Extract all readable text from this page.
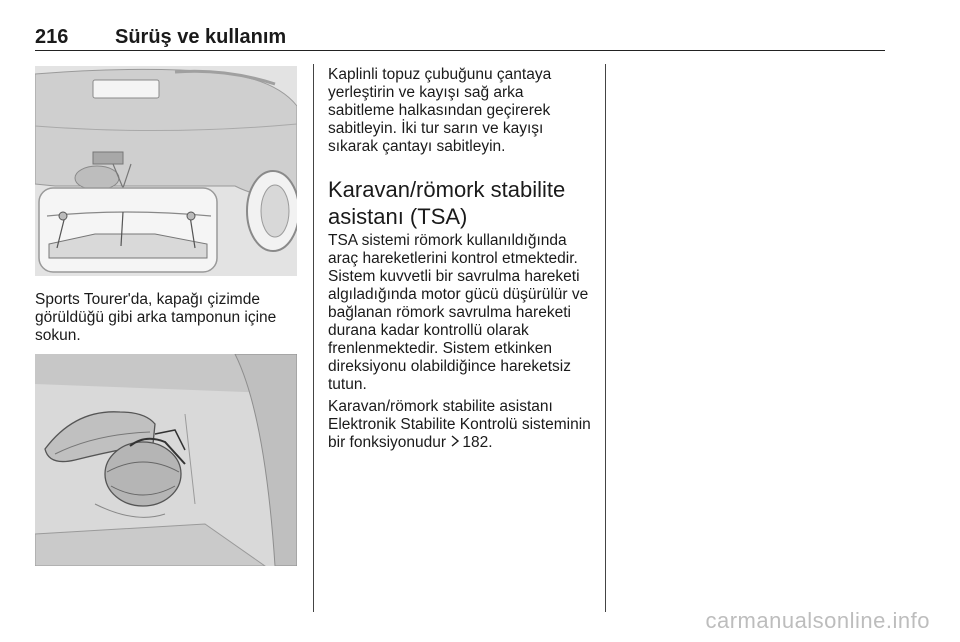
216 Sürüş ve kullanım

Sports Tourer'da, kapağı çizimde görüldüğü gibi arka tamponun içine sokun.

Kaplinli topuz çubuğunu çantaya yerleştirin ve kayışı sağ arka sabitleme halkasından geçirerek sabitleyin. İki tur sarın ve kayışı sıkarak çantayı sabitleyin.

Karavan/römork stabilite asistanı (TSA)

TSA sistemi römork kullanıldığında araç hareketlerini kontrol etmektedir. Sistem kuvvetli bir savrulma hareketi algıladığında motor gücü düşürülür ve bağlanan römork savrulma hareketi durana kadar kontrollü olarak frenlenmektedir. Sistem etkinken direksiyonu olabildiğince hareketsiz tutun.

Karavan/römork stabilite asistanı Elektronik Stabilite Kontrolü sisteminin bir fonksiyonudur 182.

carmanualsonline.info
